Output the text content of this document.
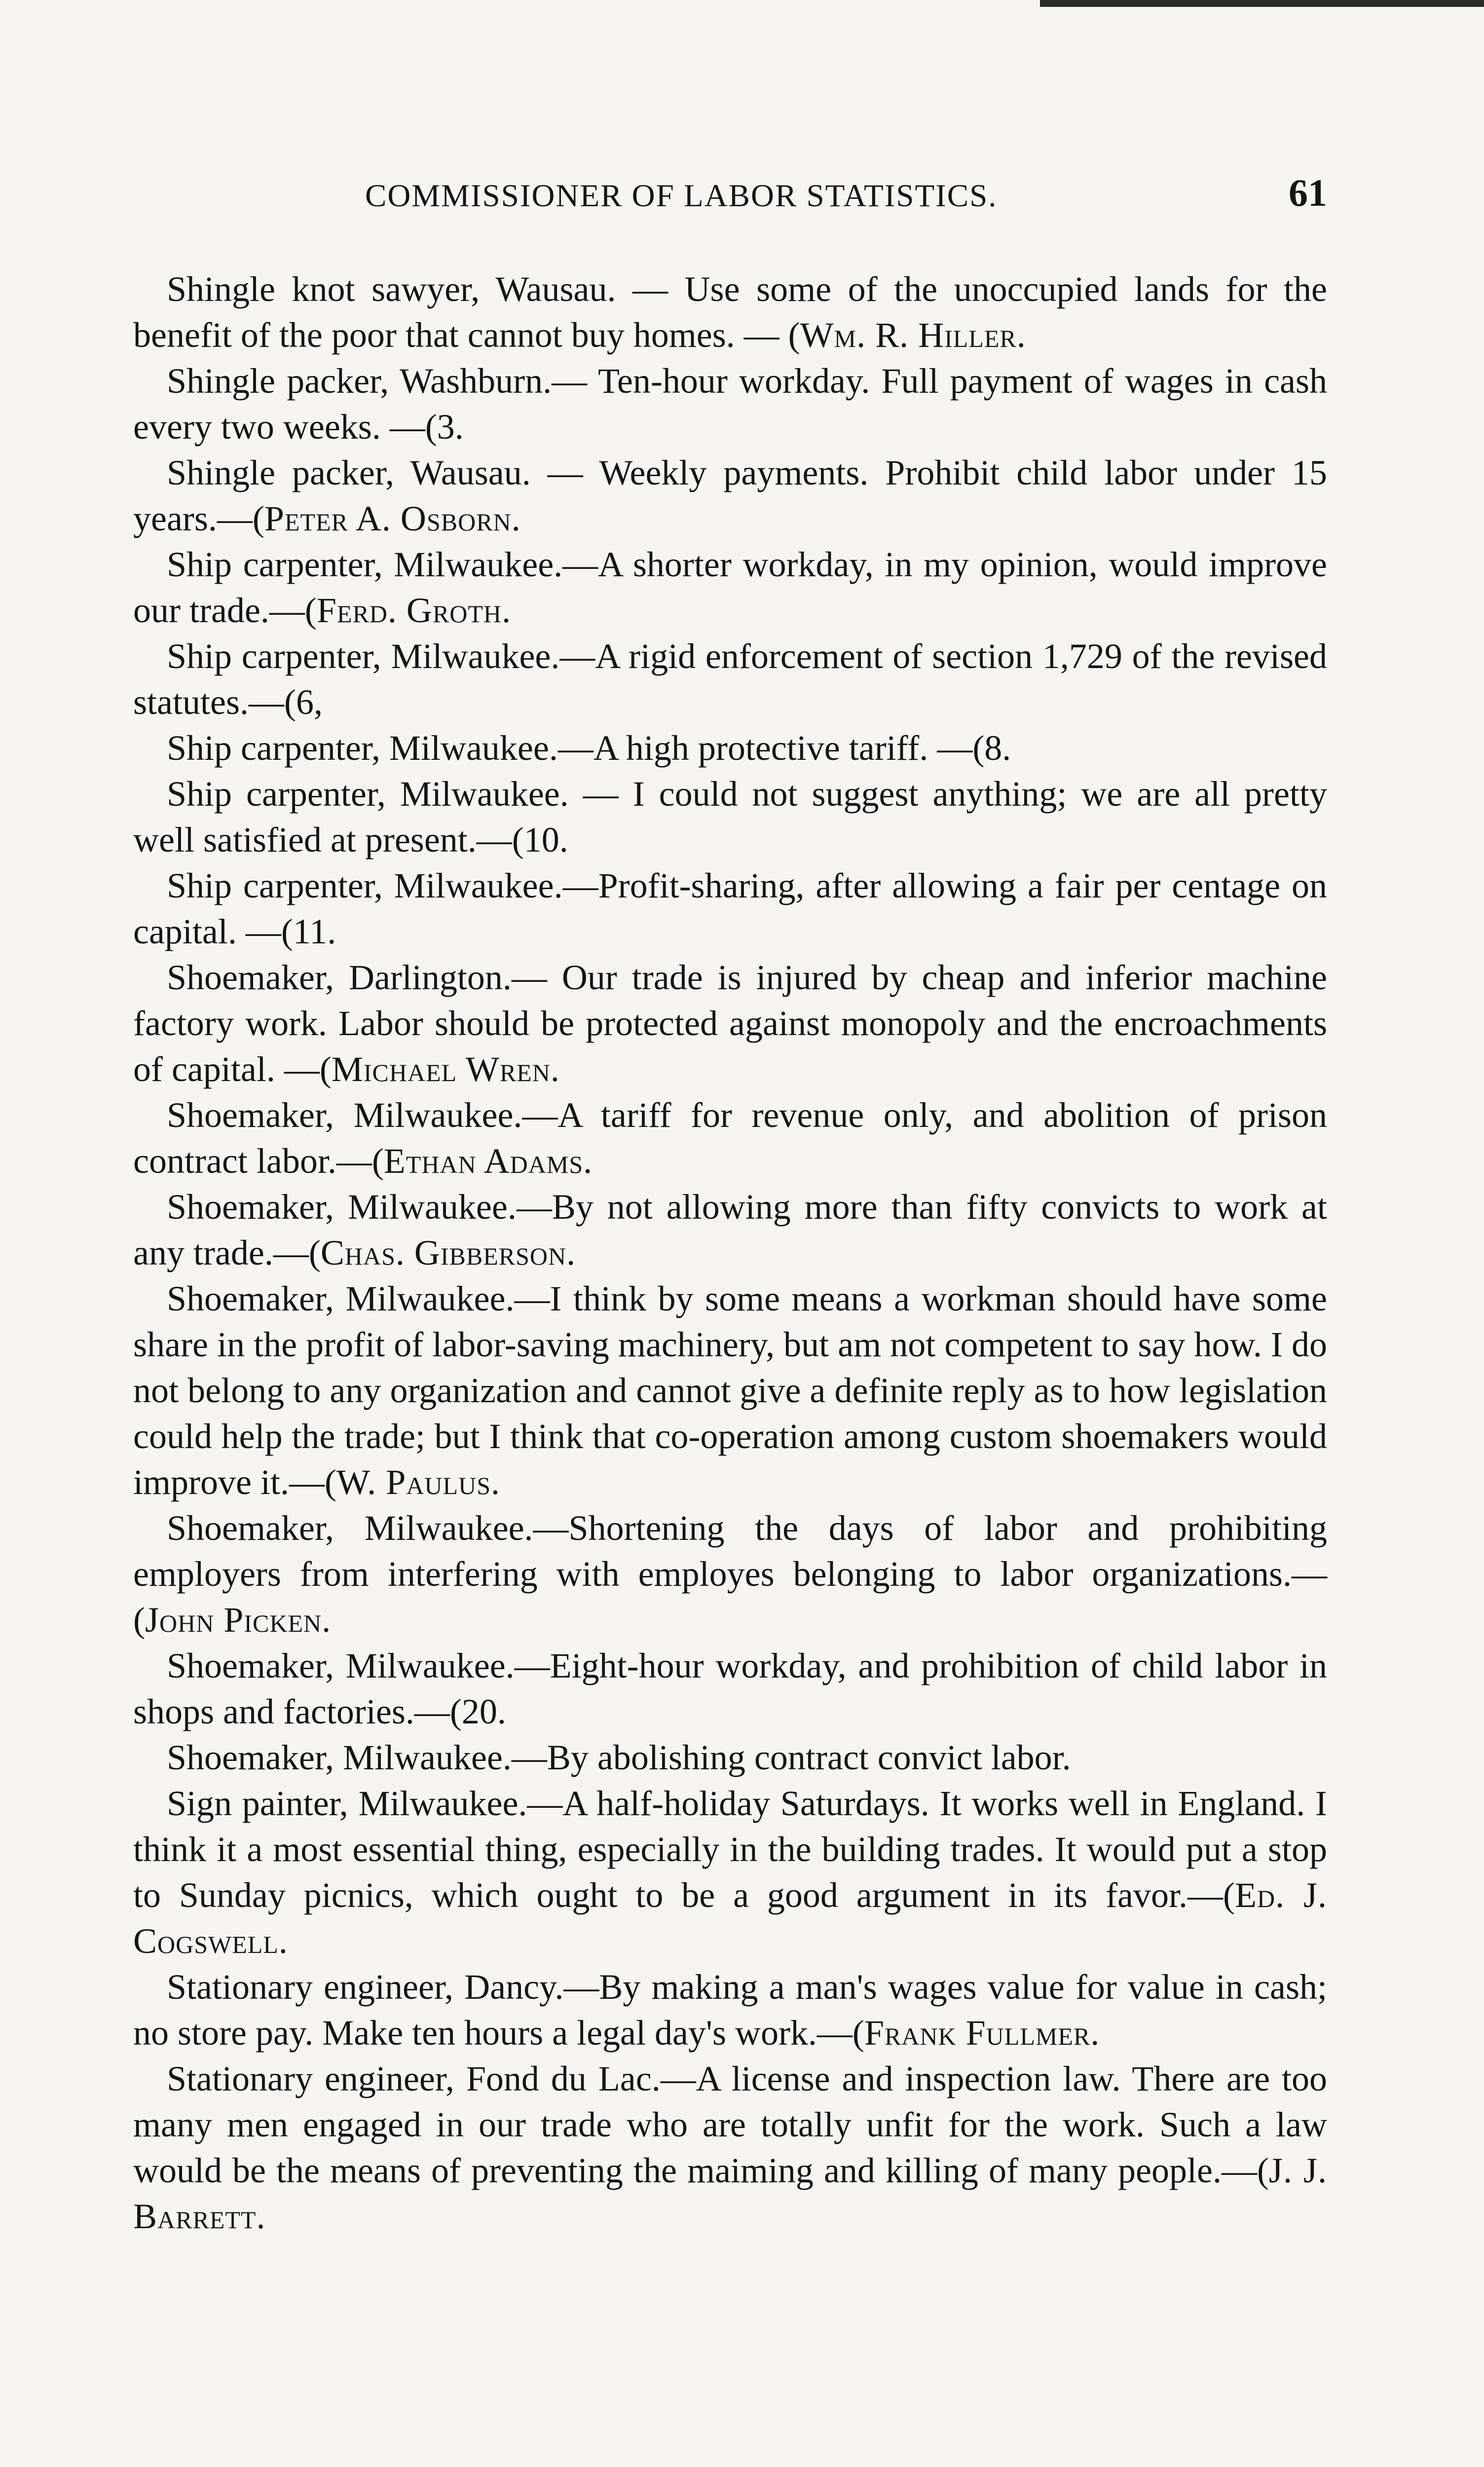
COMMISSIONER OF LABOR STATISTICS.	61

Shingle knot sawyer, Wausau. — Use some of the unoccupied lands for the benefit of the poor that cannot buy homes. — (Wm. R. Hiller.

Shingle packer, Washburn.— Ten-hour workday. Full payment of wages in cash every two weeks. —(3.

Shingle packer, Wausau. — Weekly payments. Prohibit child labor under 15 years.—(Peter A. Osborn.

Ship carpenter, Milwaukee.—A shorter workday, in my opinion, would improve our trade.—(Ferd. Groth.

Ship carpenter, Milwaukee.—A rigid enforcement of section 1,729 of the revised statutes.—(6,

Ship carpenter, Milwaukee.—A high protective tariff. —(8.

Ship carpenter, Milwaukee. — I could not suggest anything; we are all pretty well satisfied at present.—(10.

Ship carpenter, Milwaukee.—Profit-sharing, after allowing a fair per centage on capital. —(11.

Shoemaker, Darlington.— Our trade is injured by cheap and inferior machine factory work. Labor should be protected against monopoly and the encroachments of capital. —(Michael Wren.

Shoemaker, Milwaukee.—A tariff for revenue only, and abolition of prison contract labor.—(Ethan Adams.

Shoemaker, Milwaukee.—By not allowing more than fifty convicts to work at any trade.—(Chas. Gibberson.

Shoemaker, Milwaukee.—I think by some means a workman should have some share in the profit of labor-saving machinery, but am not competent to say how. I do not belong to any organization and cannot give a definite reply as to how legislation could help the trade; but I think that co-operation among custom shoemakers would improve it.—(W. Paulus.

Shoemaker, Milwaukee.—Shortening the days of labor and prohibiting employers from interfering with employes belonging to labor organizations.—(John Picken.

Shoemaker, Milwaukee.—Eight-hour workday, and prohibition of child labor in shops and factories.—(20.

Shoemaker, Milwaukee.—By abolishing contract convict labor.

Sign painter, Milwaukee.—A half-holiday Saturdays. It works well in England. I think it a most essential thing, especially in the building trades. It would put a stop to Sunday picnics, which ought to be a good argument in its favor.—(Ed. J. Cogswell.

Stationary engineer, Dancy.—By making a man's wages value for value in cash; no store pay. Make ten hours a legal day's work.—(Frank Fullmer.

Stationary engineer, Fond du Lac.—A license and inspection law. There are too many men engaged in our trade who are totally unfit for the work. Such a law would be the means of preventing the maiming and killing of many people.—(J. J. Barrett.
